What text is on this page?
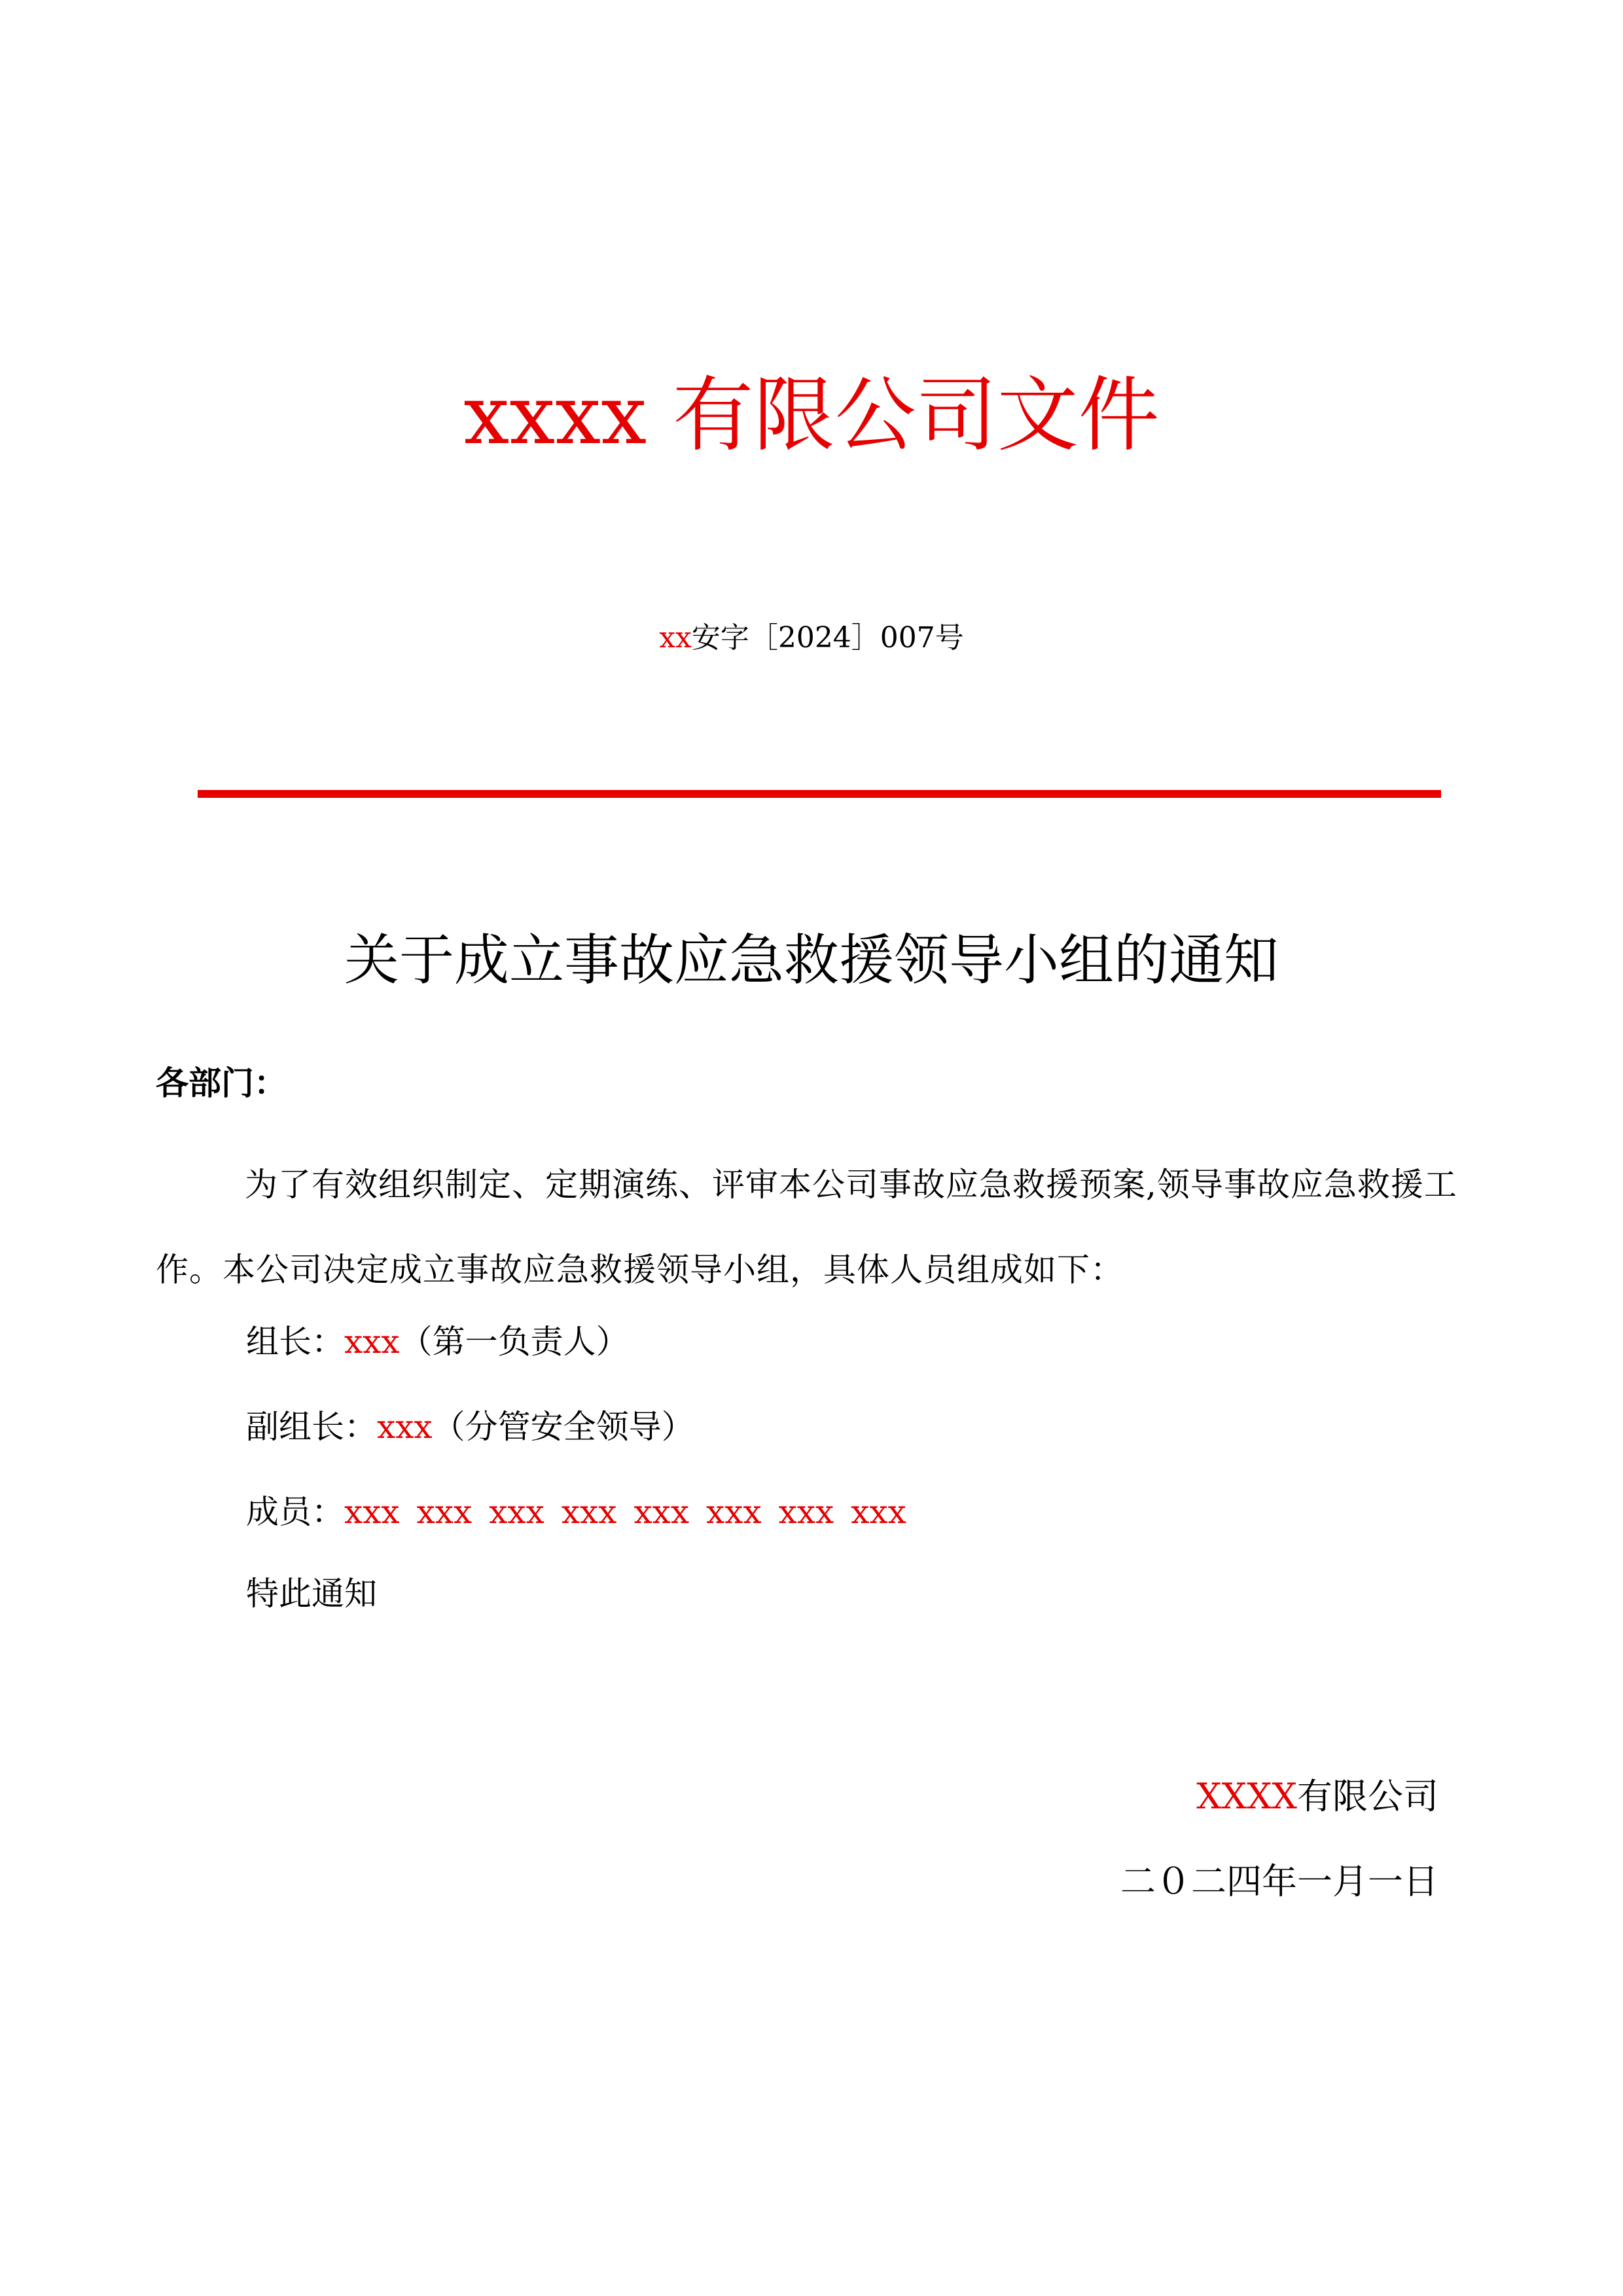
xxxx 有限公司文件
xx安字［2024］007号
关于成立事故应急救援领导小组的通知
各部门：
为了有效组织制定、定期演练、评审本公司事故应急救援预案,领导事故应急救援工作。本公司决定成立事故应急救援领导小组，具体人员组成如下：
组长：xxx（第一负责人）
副组长：xxx（分管安全领导）
成员：xxx xxx xxx xxx xxx xxx xxx xxx
特此通知
XXXX有限公司
二０二四年一月一日
